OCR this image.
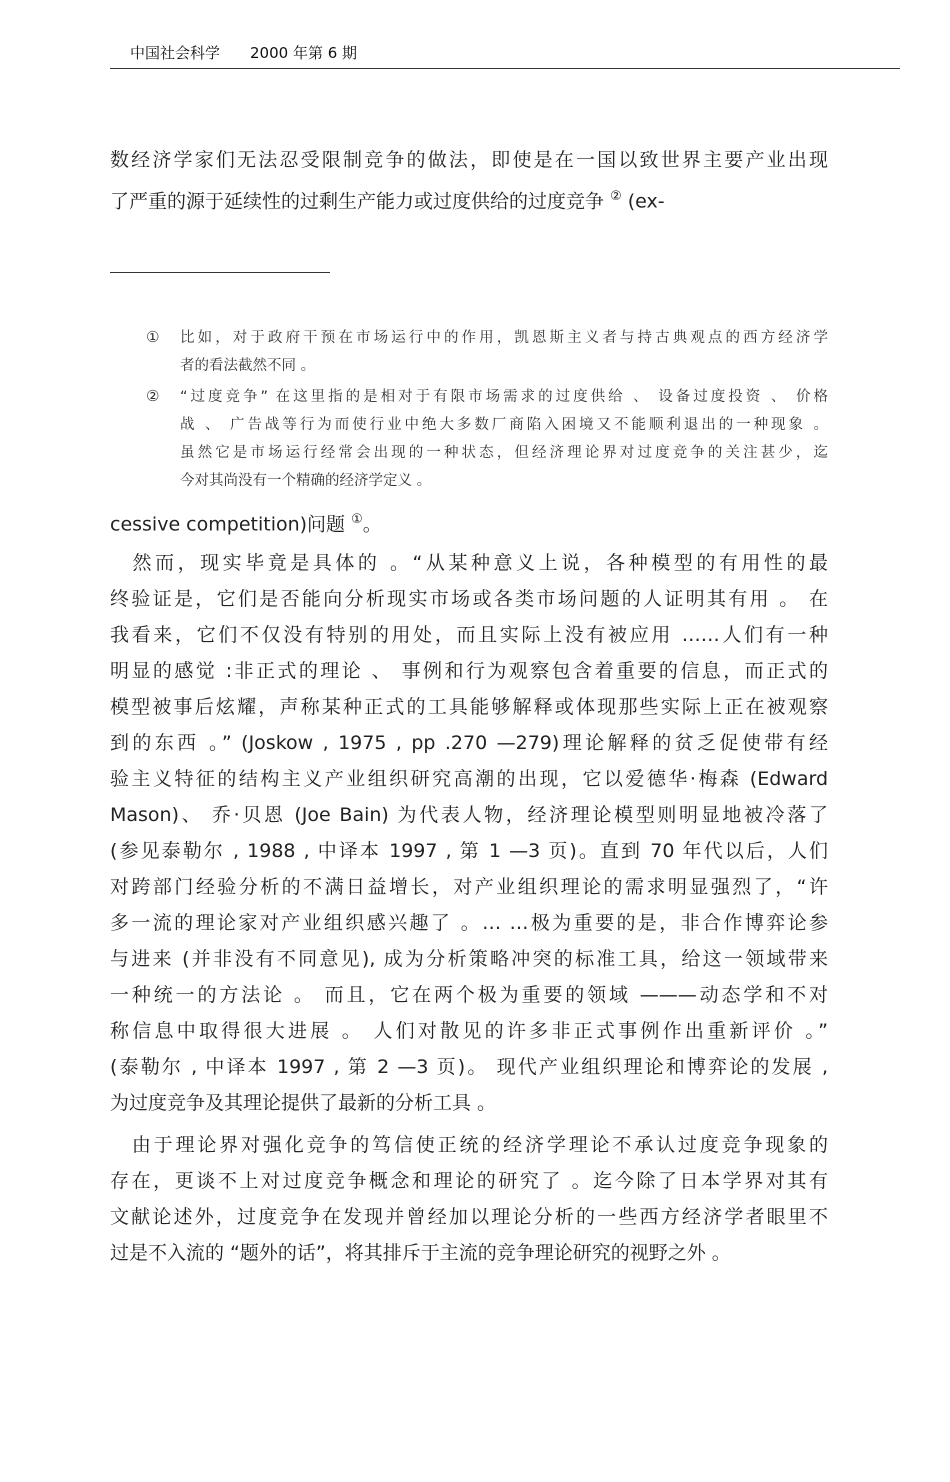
中国社会科学 2000 年第 6 期
数经济学家们无法忍受限制竞争的做法，即使是在一国以致世界主要产业出现
了严重的源于延续性的过剩生产能力或过度供给的过度竞争 ② (ex-
① 比如，对于政府干预在市场运行中的作用，凯恩斯主义者与持古典观点的西方经济学
者的看法截然不同 。
② “过度竞争” 在这里指的是相对于有限市场需求的过度供给 、 设备过度投资 、 价格
战 、 广告战等行为而使行业中绝大多数厂商陷入困境又不能顺利退出的一种现象 。
虽然它是市场运行经常会出现的一种状态，但经济理论界对过度竞争的关注甚少，迄
今对其尚没有一个精确的经济学定义 。
cessive competition)问题 ①。
　然而，现实毕竟是具体的 。“从某种意义上说，各种模型的有用性的最
终验证是，它们是否能向分析现实市场或各类市场问题的人证明其有用 。 在
我看来，它们不仅没有特别的用处，而且实际上没有被应用 ……人们有一种
明显的感觉 :非正式的理论 、 事例和行为观察包含着重要的信息，而正式的
模型被事后炫耀，声称某种正式的工具能够解释或体现那些实际上正在被观察
到的东西 。” (Joskow , 1975 , pp .270 —279)理论解释的贫乏促使带有经
验主义特征的结构主义产业组织研究高潮的出现，它以爱德华·梅森 (Edward
Mason)、 乔·贝恩 (Joe Bain) 为代表人物，经济理论模型则明显地被冷落了
(参见泰勒尔 , 1988 , 中译本 1997 , 第 1 —3 页)。直到 70 年代以后，人们
对跨部门经验分析的不满日益增长，对产业组织理论的需求明显强烈了，“许
多一流的理论家对产业组织感兴趣了 。… …极为重要的是，非合作博弈论参
与进来 (并非没有不同意见), 成为分析策略冲突的标准工具，给这一领域带来
一种统一的方法论 。 而且，它在两个极为重要的领域 ———动态学和不对
称信息中取得很大进展 。 人们对散见的许多非正式事例作出重新评价 。”
(泰勒尔 , 中译本 1997 , 第 2 —3 页)。 现代产业组织理论和博弈论的发展 ,
为过度竞争及其理论提供了最新的分析工具 。
　由于理论界对强化竞争的笃信使正统的经济学理论不承认过度竞争现象的
存在，更谈不上对过度竞争概念和理论的研究了 。迄今除了日本学界对其有
文献论述外，过度竞争在发现并曾经加以理论分析的一些西方经济学者眼里不
过是不入流的 “题外的话”，将其排斥于主流的竞争理论研究的视野之外 。
